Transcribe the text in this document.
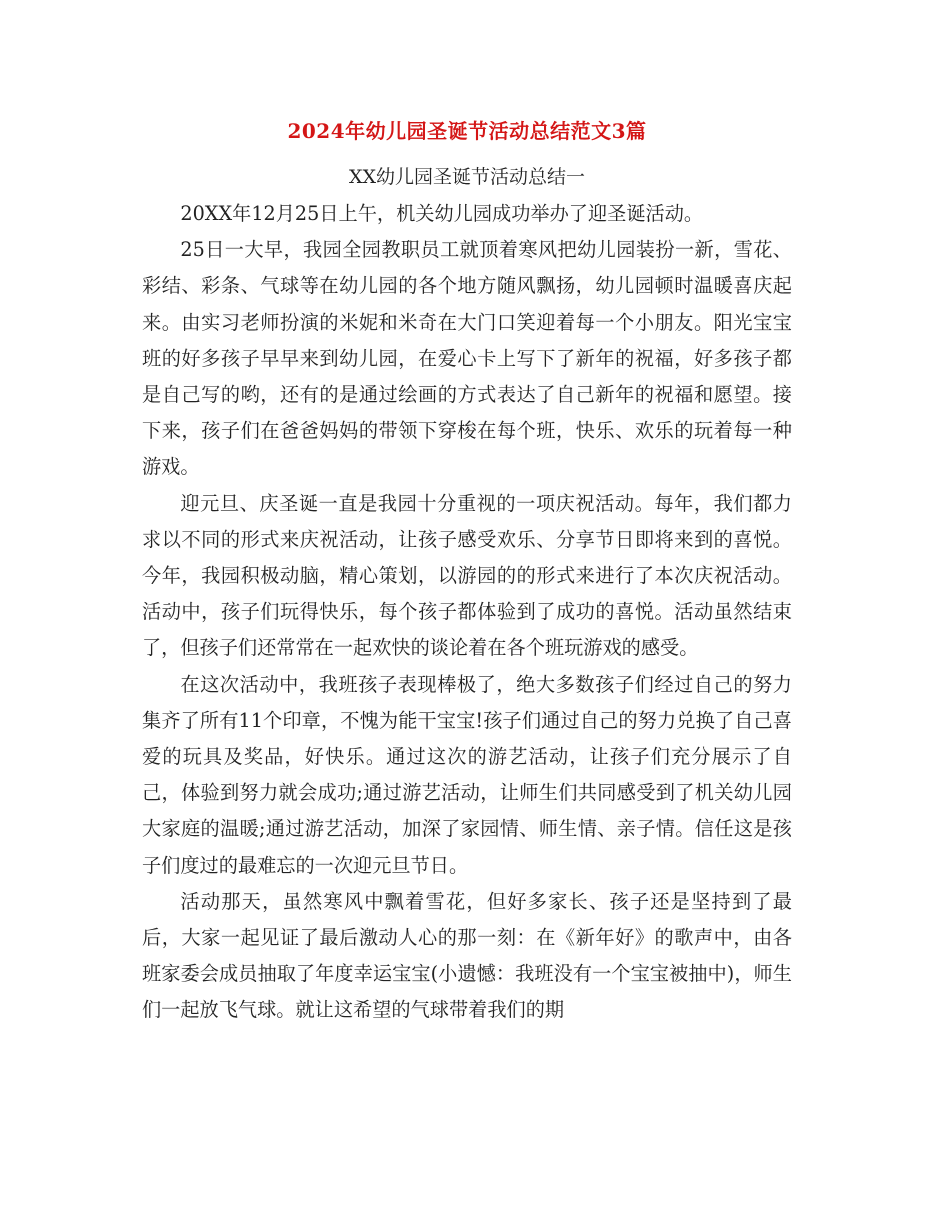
2024年幼儿园圣诞节活动总结范文3篇

XX幼儿园圣诞节活动总结一

20XX年12月25日上午，机关幼儿园成功举办了迎圣诞活动。

25日一大早，我园全园教职员工就顶着寒风把幼儿园装扮一新，雪花、彩结、彩条、气球等在幼儿园的各个地方随风飘扬，幼儿园顿时温暖喜庆起来。由实习老师扮演的米妮和米奇在大门口笑迎着每一个小朋友。阳光宝宝班的好多孩子早早来到幼儿园，在爱心卡上写下了新年的祝福，好多孩子都是自己写的哟，还有的是通过绘画的方式表达了自己新年的祝福和愿望。接下来，孩子们在爸爸妈妈的带领下穿梭在每个班，快乐、欢乐的玩着每一种游戏。

迎元旦、庆圣诞一直是我园十分重视的一项庆祝活动。每年，我们都力求以不同的形式来庆祝活动，让孩子感受欢乐、分享节日即将来到的喜悦。今年，我园积极动脑，精心策划，以游园的的形式来进行了本次庆祝活动。活动中，孩子们玩得快乐，每个孩子都体验到了成功的喜悦。活动虽然结束了，但孩子们还常常在一起欢快的谈论着在各个班玩游戏的感受。

在这次活动中，我班孩子表现棒极了，绝大多数孩子们经过自己的努力集齐了所有11个印章，不愧为能干宝宝!孩子们通过自己的努力兑换了自己喜爱的玩具及奖品，好快乐。通过这次的游艺活动，让孩子们充分展示了自己，体验到努力就会成功;通过游艺活动，让师生们共同感受到了机关幼儿园大家庭的温暖;通过游艺活动，加深了家园情、师生情、亲子情。信任这是孩子们度过的最难忘的一次迎元旦节日。

活动那天，虽然寒风中飘着雪花，但好多家长、孩子还是坚持到了最后，大家一起见证了最后激动人心的那一刻：在《新年好》的歌声中，由各班家委会成员抽取了年度幸运宝宝(小遗憾：我班没有一个宝宝被抽中)，师生们一起放飞气球。就让这希望的气球带着我们的期
